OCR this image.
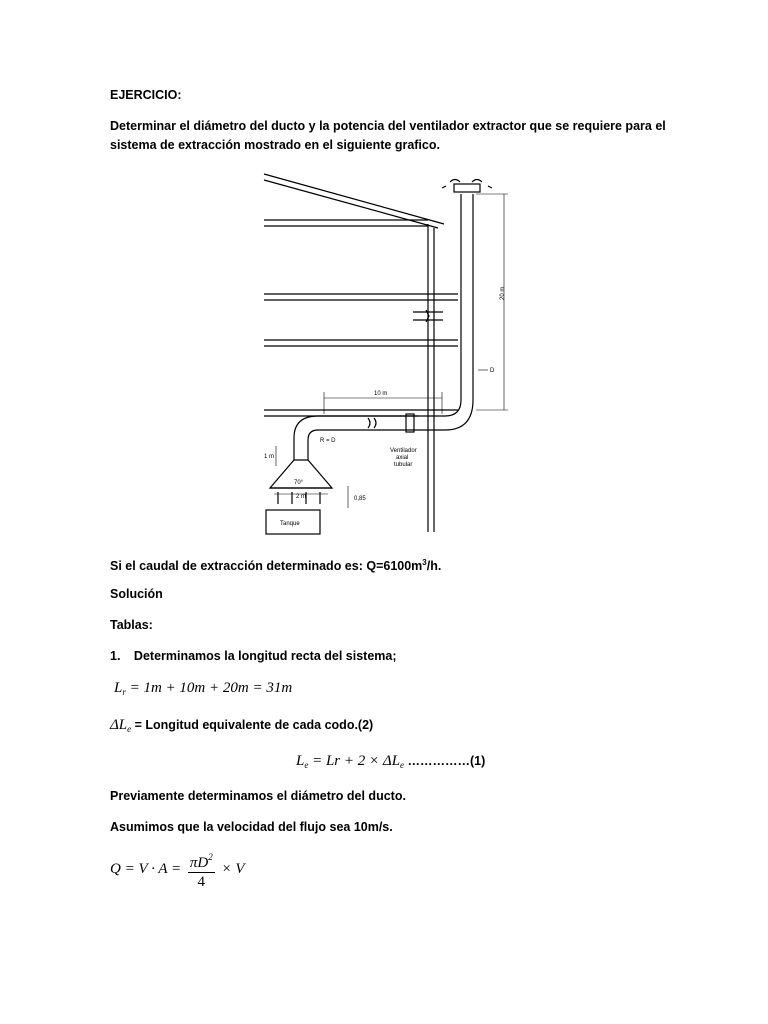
EJERCICIO:
Determinar el diámetro del ducto y la potencia del ventilador extractor que se requiere para el
sistema de extracción mostrado en el siguiente grafico.
20 m
D
10 m
R = D
1 m
70°
2 m	0,85
Tanque
Ventilador
axial
tubular
Si el caudal de extracción determinado es: $Q=6100m^3/h$.
Solución
Tablas:
1. Determinamos la longitud recta del sistema;
$L_r = 1m + 10m + 20m = 31m$
$\Delta L_e$ = Longitud equivalente de cada codo.(2)
$L_e = Lr + 2 \times \Delta L_e$ ……………(1)
Previamente determinamos el diámetro del ducto.
Asumimos que la velocidad del flujo sea 10m/s.
$Q = V \cdot A = \frac{\pi D^2}{4} \times V$
